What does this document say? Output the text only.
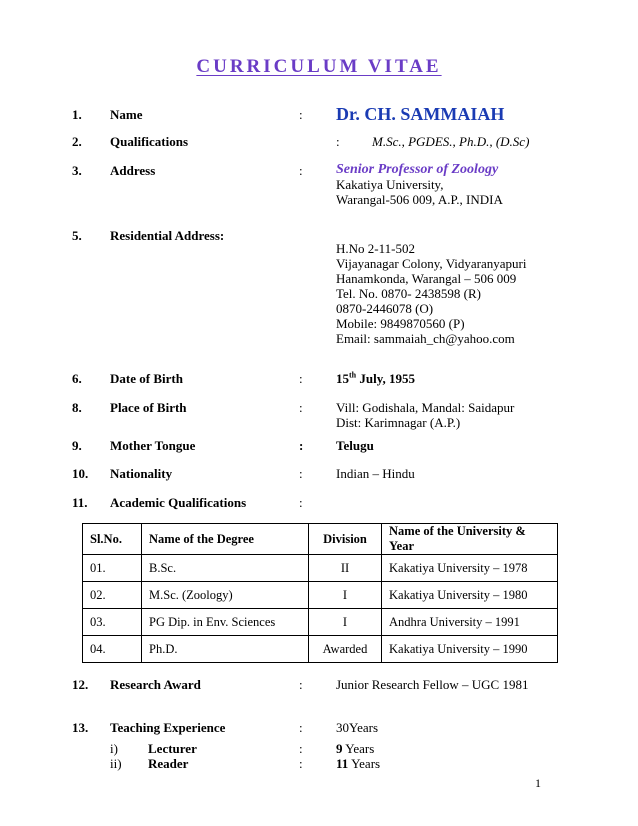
CURRICULUM VITAE
1. Name	: Dr. CH. SAMMAIAH
2. Qualifications	: M.Sc., PGDES., Ph.D., (D.Sc)
3. Address	: Senior Professor of Zoology
Kakatiya University,
Warangal-506 009, A.P., INDIA
5. Residential Address:
H.No 2-11-502
Vijayanagar Colony, Vidyaranyapuri
Hanamkonda, Warangal – 506 009
Tel. No. 0870- 2438598 (R)
0870-2446078 (O)
Mobile: 9849870560 (P)
Email: sammaiah_ch@yahoo.com
6. Date of Birth	:	15th July, 1955
8. Place of Birth	:	Vill: Godishala, Mandal: Saidapur
Dist: Karimnagar (A.P.)
9. Mother Tongue	:	Telugu
10. Nationality	:	Indian – Hindu
11. Academic Qualifications	:
Sl.No.	Name of the Degree	Division	Name of the University & Year
01.	B.Sc.	II	Kakatiya University – 1978
02.	M.Sc. (Zoology)	I	Kakatiya University – 1980
03.	PG Dip. in Env. Sciences	I	Andhra University – 1991
04.	Ph.D.	Awarded	Kakatiya University – 1990
12. Research Award	:	Junior Research Fellow – UGC 1981
13. Teaching Experience	:	30Years
i) Lecturer	:	9 Years
ii) Reader	:	11 Years
1
